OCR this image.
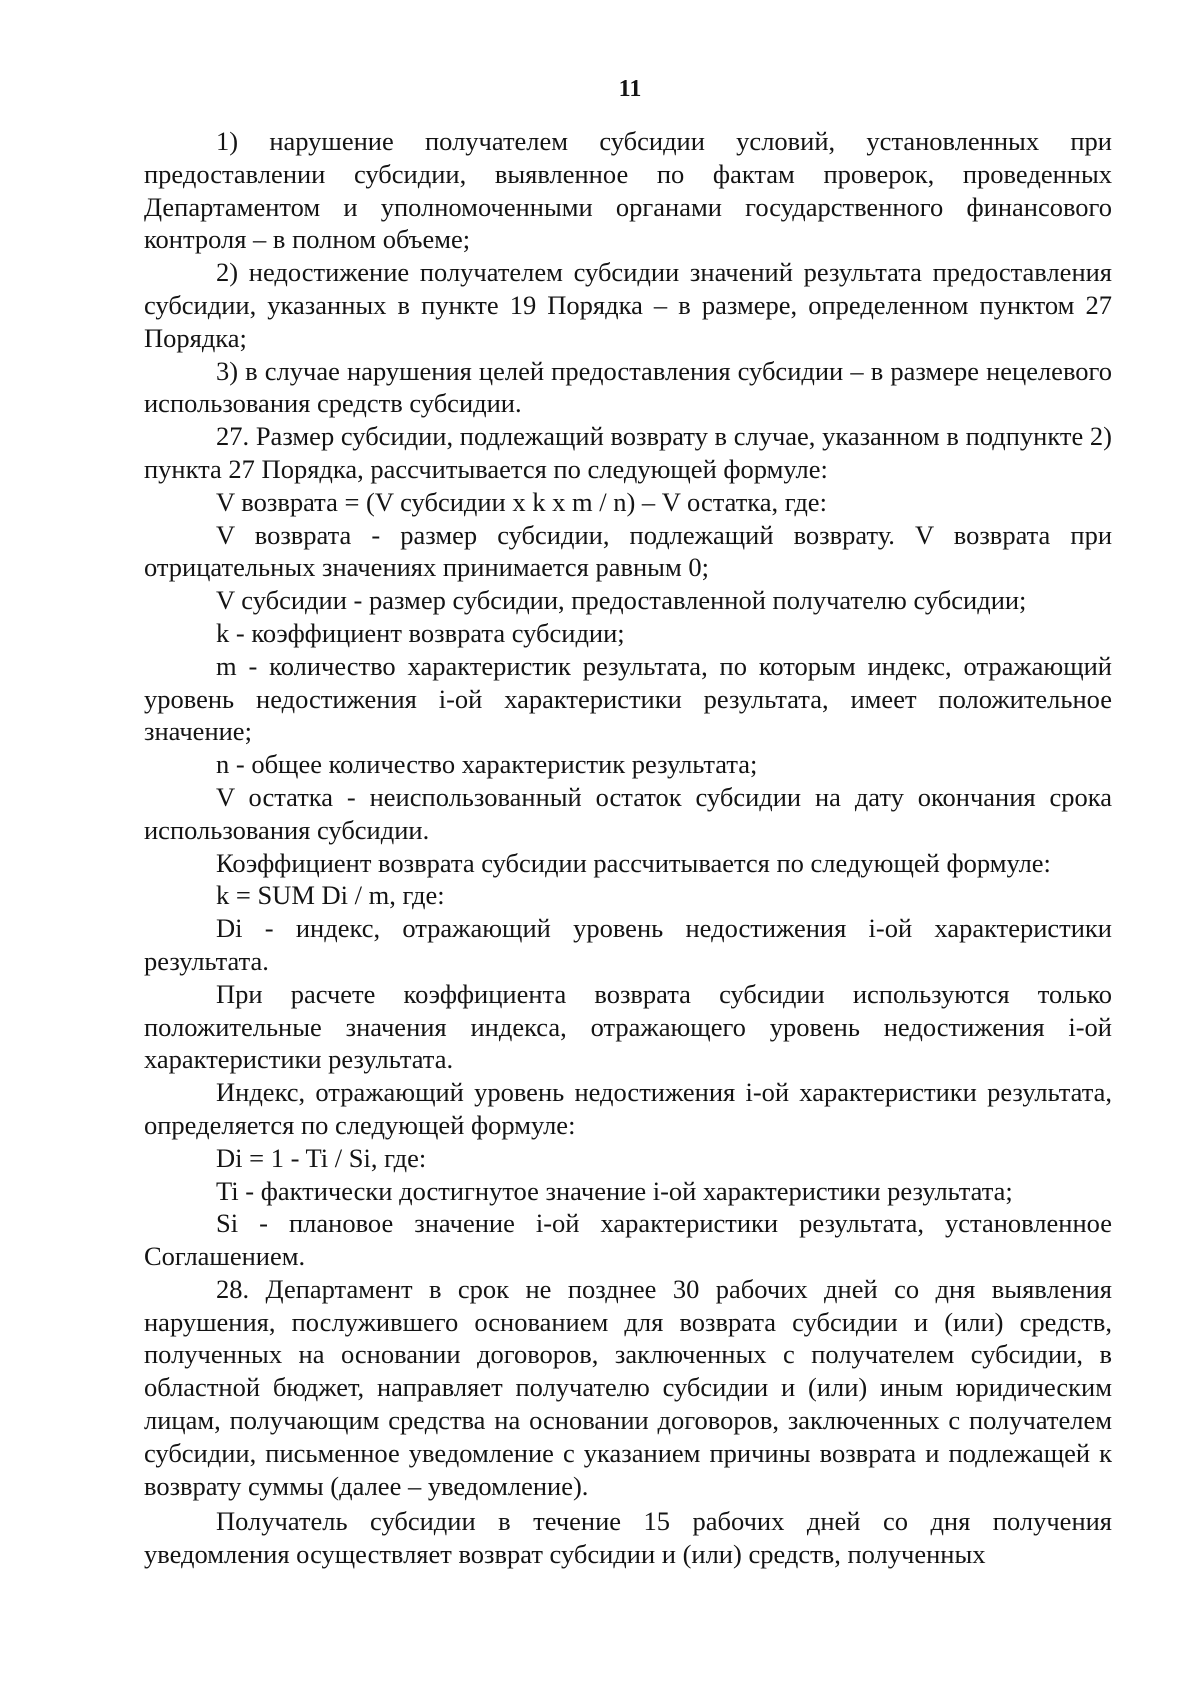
11

1) нарушение получателем субсидии условий, установленных при предоставлении субсидии, выявленное по фактам проверок, проведенных Департаментом и уполномоченными органами государственного финансового контроля – в полном объеме;

2) недостижение получателем субсидии значений результата предоставления субсидии, указанных в пункте 19 Порядка – в размере, определенном пунктом 27 Порядка;

3) в случае нарушения целей предоставления субсидии – в размере нецелевого использования средств субсидии.

27. Размер субсидии, подлежащий возврату в случае, указанном в подпункте 2) пункта 27 Порядка, рассчитывается по следующей формуле:

V возврата = (V субсидии x k x m / n) – V остатка, где:

V возврата - размер субсидии, подлежащий возврату. V возврата при отрицательных значениях принимается равным 0;

V субсидии - размер субсидии, предоставленной получателю субсидии;

k - коэффициент возврата субсидии;

m - количество характеристик результата, по которым индекс, отражающий уровень недостижения i-ой характеристики результата, имеет положительное значение;

n - общее количество характеристик результата;

V остатка - неиспользованный остаток субсидии на дату окончания срока использования субсидии.

Коэффициент возврата субсидии рассчитывается по следующей формуле:

k = SUM Di / m, где:

Di - индекс, отражающий уровень недостижения i-ой характеристики результата.

При расчете коэффициента возврата субсидии используются только положительные значения индекса, отражающего уровень недостижения i-ой характеристики результата.

Индекс, отражающий уровень недостижения i-ой характеристики результата, определяется по следующей формуле:

Di = 1 - Ti / Si, где:

Ti - фактически достигнутое значение i-ой характеристики результата;

Si - плановое значение i-ой характеристики результата, установленное Соглашением.

28. Департамент в срок не позднее 30 рабочих дней со дня выявления нарушения, послужившего основанием для возврата субсидии и (или) средств, полученных на основании договоров, заключенных с получателем субсидии, в областной бюджет, направляет получателю субсидии и (или) иным юридическим лицам, получающим средства на основании договоров, заключенных с получателем субсидии, письменное уведомление с указанием причины возврата и подлежащей к возврату суммы (далее – уведомление).

Получатель субсидии в течение 15 рабочих дней со дня получения уведомления осуществляет возврат субсидии и (или) средств, полученных
